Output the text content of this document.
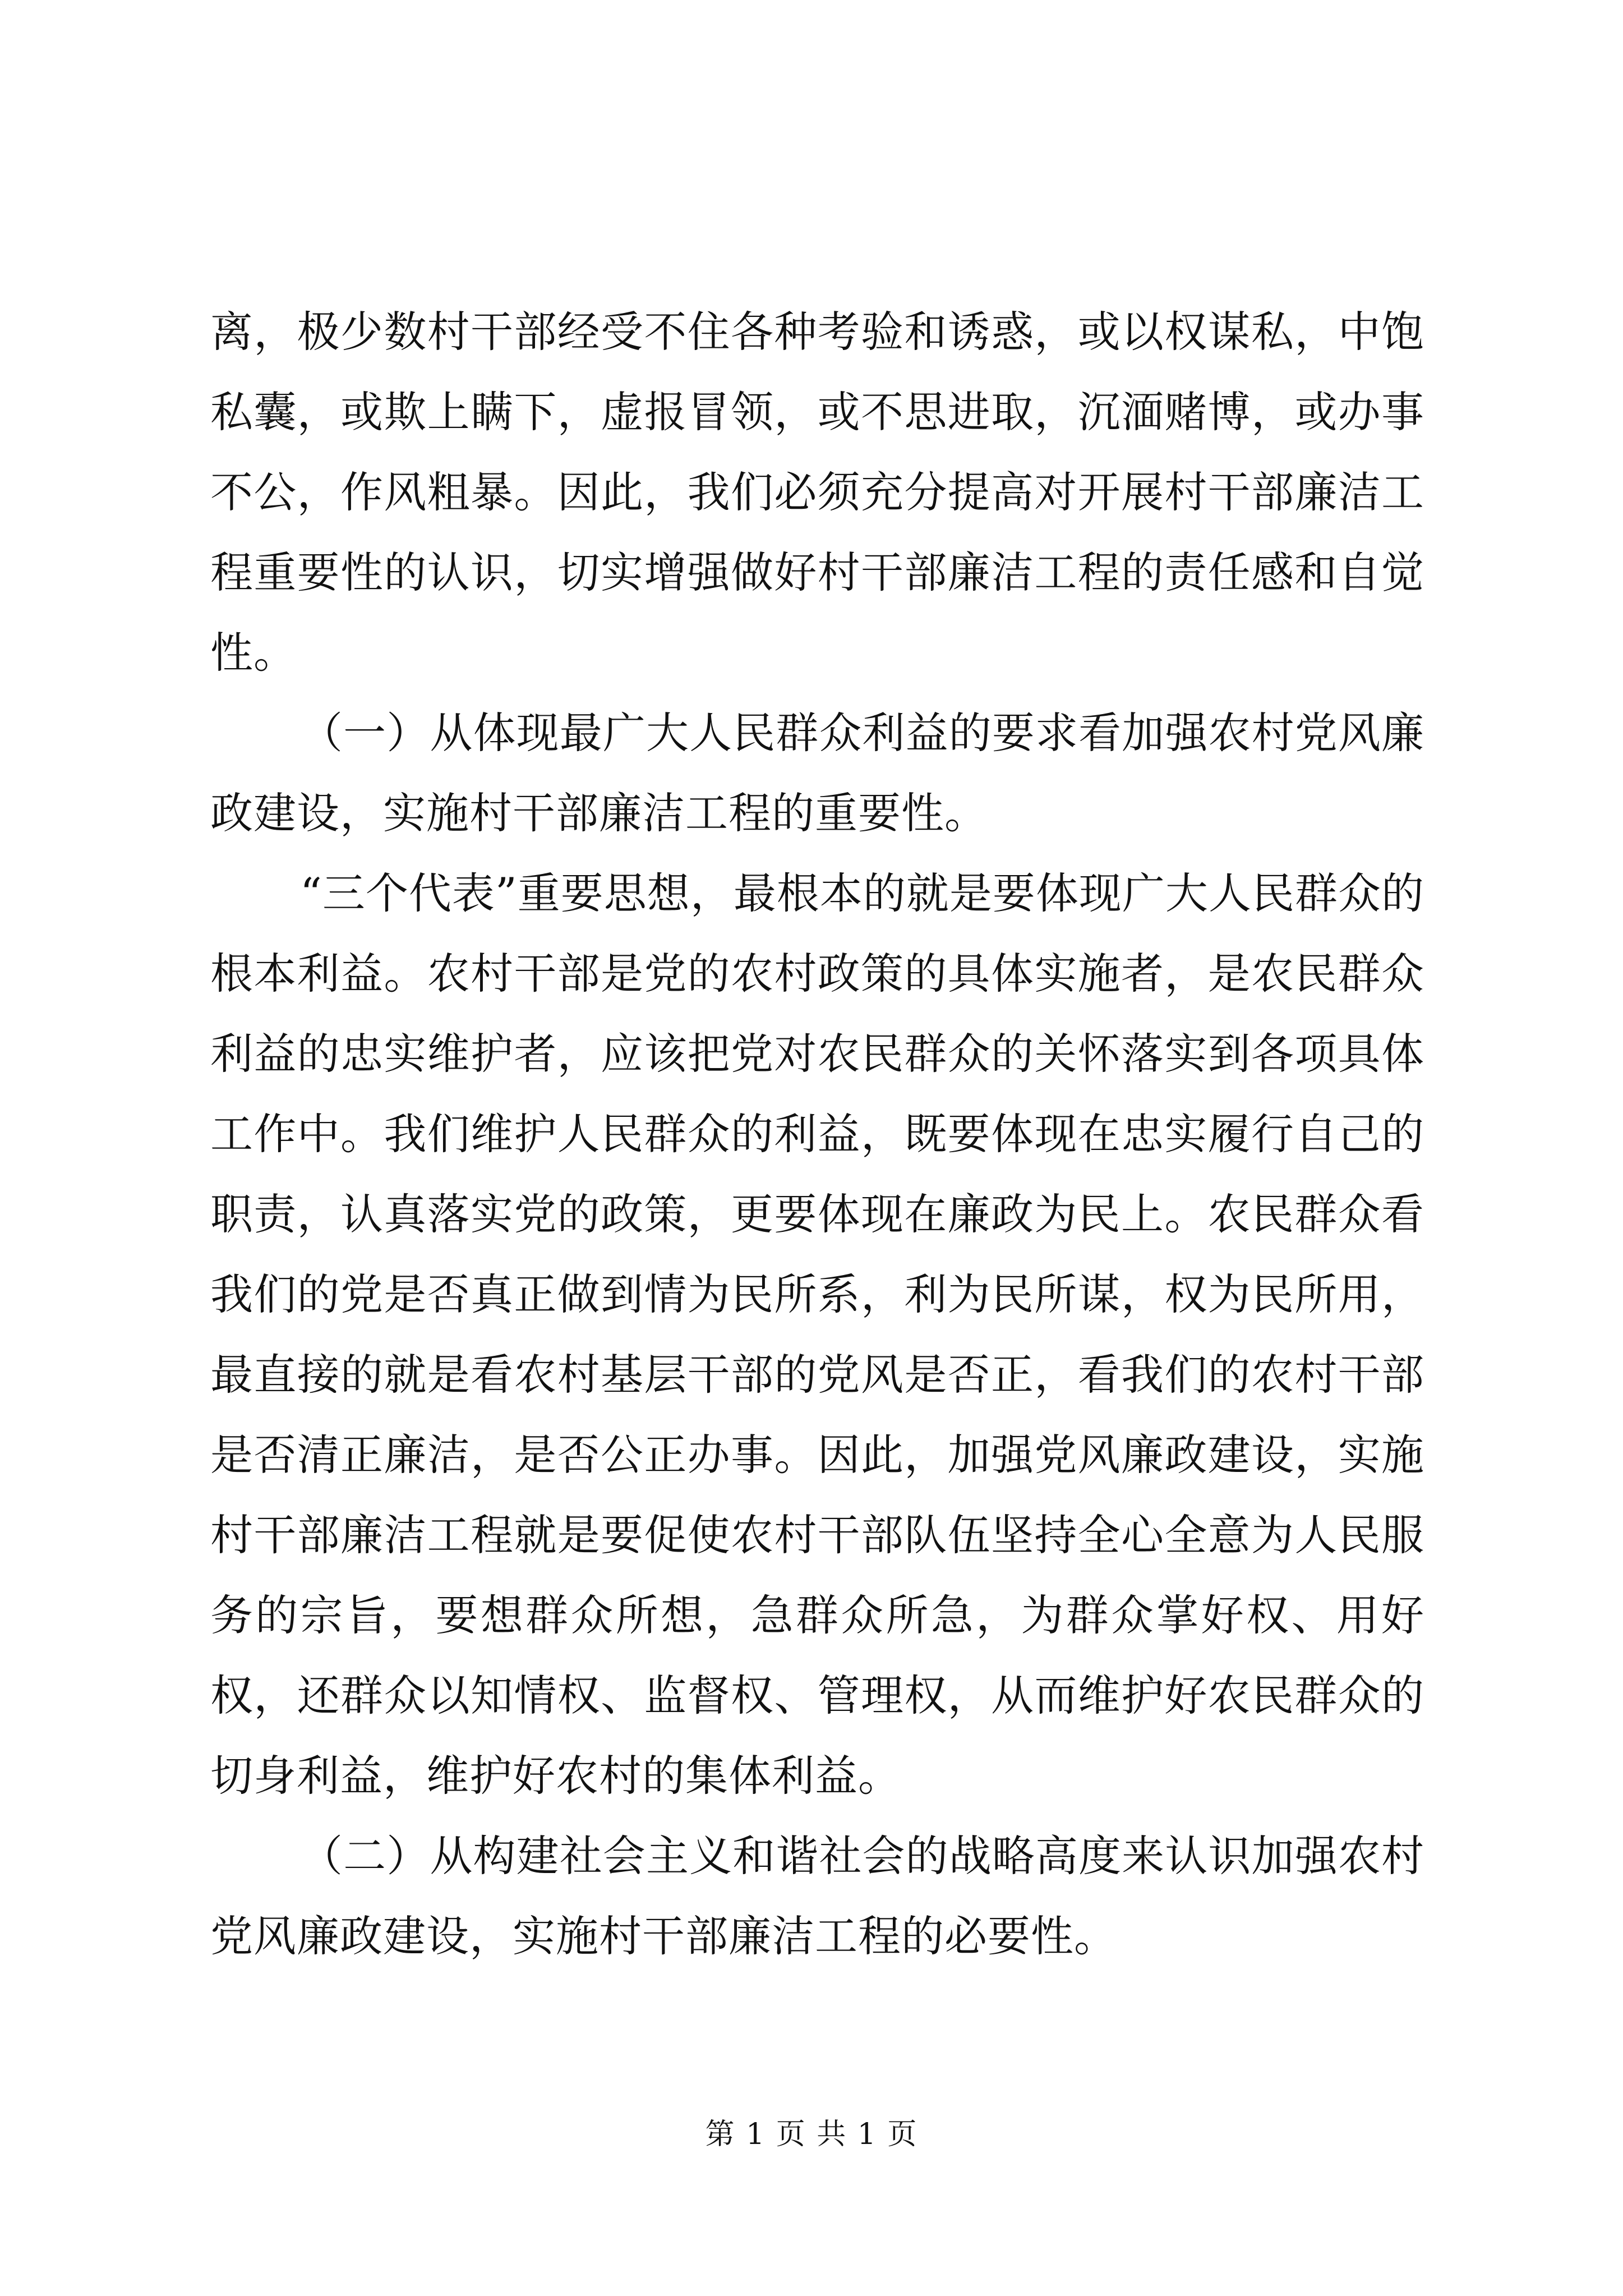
离，极少数村干部经受不住各种考验和诱惑，或以权谋私，中饱私囊，或欺上瞒下，虚报冒领，或不思进取，沉湎赌博，或办事不公，作风粗暴。因此，我们必须充分提高对开展村干部廉洁工程重要性的认识，切实增强做好村干部廉洁工程的责任感和自觉性。

（一）从体现最广大人民群众利益的要求看加强农村党风廉政建设，实施村干部廉洁工程的重要性。

“三个代表”重要思想，最根本的就是要体现广大人民群众的根本利益。农村干部是党的农村政策的具体实施者，是农民群众利益的忠实维护者，应该把党对农民群众的关怀落实到各项具体工作中。我们维护人民群众的利益，既要体现在忠实履行自己的职责，认真落实党的政策，更要体现在廉政为民上。农民群众看我们的党是否真正做到情为民所系，利为民所谋，权为民所用，最直接的就是看农村基层干部的党风是否正，看我们的农村干部是否清正廉洁，是否公正办事。因此，加强党风廉政建设，实施村干部廉洁工程就是要促使农村干部队伍坚持全心全意为人民服务的宗旨，要想群众所想，急群众所急，为群众掌好权、用好权，还群众以知情权、监督权、管理权，从而维护好农民群众的切身利益，维护好农村的集体利益。

（二）从构建社会主义和谐社会的战略高度来认识加强农村党风廉政建设，实施村干部廉洁工程的必要性。

第 1 页 共 1 页
